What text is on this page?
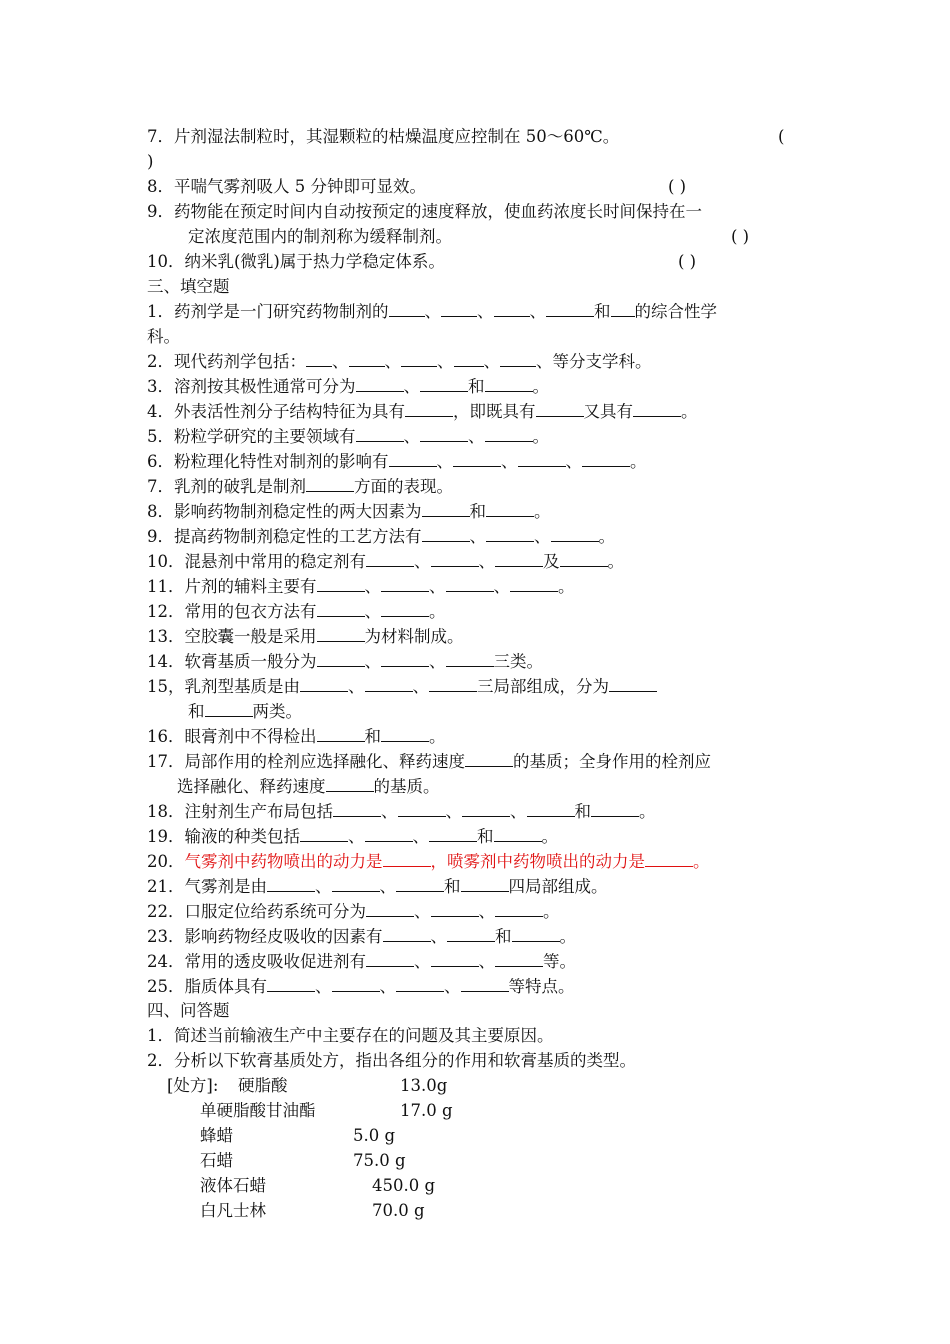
7．片剂湿法制粒时，其湿颗粒的枯燥温度应控制在 50～60℃。	(
)
8．平喘气雾剂吸人 5 分钟即可显效。	( )
9．药物能在预定时间内自动按预定的速度释放，使血药浓度长时间保持在一
定浓度范围内的制剂称为缓释制剂。	( )
10．纳米乳(微乳)属于热力学稳定体系。	( )
三、填空题
1．药剂学是一门研究药物制剂的 、 、 、	和 的综合性学
科。
2．现代药剂学包括： 、 、 、 、 、等分支学科。
3．溶剂按其极性通常可分为	、	和	。
4．外表活性剂分子结构特征为具有	，即既具有	又具有	。
5．粉粒学研究的主要领域有	、	、	。
6．粉粒理化特性对制剂的影响有	、	、	、	。
7．乳剂的破乳是制剂	方面的表现。
8．影响药物制剂稳定性的两大因素为	和	。
9．提高药物制剂稳定性的工艺方法有	、	、	。
10．混悬剂中常用的稳定剂有	、	、	及	。
11．片剂的辅料主要有	、	、	、	。
12．常用的包衣方法有	、	。
13．空胶囊一般是采用	为材料制成。
14．软膏基质一般分为	、	、	三类。
15，乳剂型基质是由	、	、	三局部组成，分为
和	两类。
16．眼膏剂中不得检出	和	。
17．局部作用的栓剂应选择融化、释药速度	的基质；全身作用的栓剂应
选择融化、释药速度	的基质。
18．注射剂生产布局包括	、	、	、	和	。
19．输液的种类包括	、	、	和	。
20．气雾剂中药物喷出的动力是	，喷雾剂中药物喷出的动力是	。
21．气雾剂是由	、	、	和	四局部组成。
22．口服定位给药系统可分为	、	、	。
23．影响药物经皮吸收的因素有	、	和	。
24．常用的透皮吸收促进剂有	、	、	等。
25．脂质体具有	、	、	、	等特点。
四、问答题
1．简述当前输液生产中主要存在的问题及其主要原因。
2．分析以下软膏基质处方，指出各组分的作用和软膏基质的类型。
[处方]: 硬脂酸	13.0g
单硬脂酸甘油酯	17.0 g
蜂蜡	5.0 g
石蜡	75.0 g
液体石蜡	450.0 g
白凡士林	70.0 g
